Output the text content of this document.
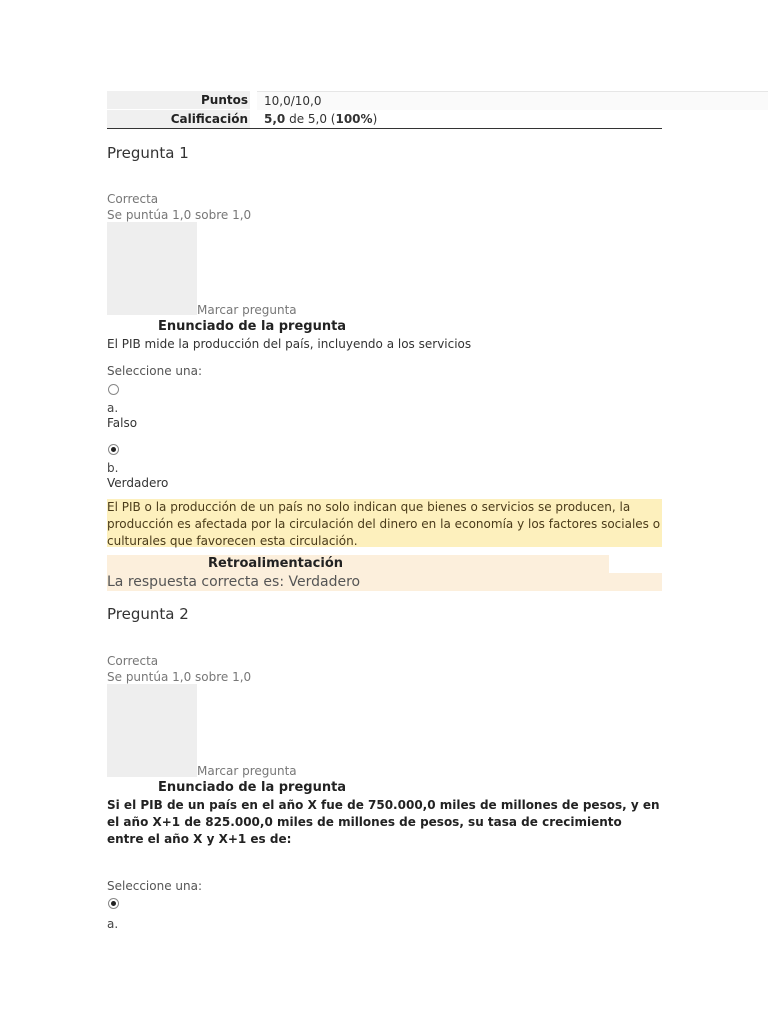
Puntos	10,0/10,0
Calificación	5,0 de 5,0 (100%)
Pregunta 1
Correcta
Se puntúa 1,0 sobre 1,0
Marcar pregunta
Enunciado de la pregunta
El PIB mide la producción del país, incluyendo a los servicios
Seleccione una:
a.
Falso
b.
Verdadero
El PIB o la producción de un país no solo indican que bienes o servicios se producen, la producción es afectada por la circulación del dinero en la economía y los factores sociales o culturales que favorecen esta circulación.
Retroalimentación
La respuesta correcta es: Verdadero
Pregunta 2
Correcta
Se puntúa 1,0 sobre 1,0
Marcar pregunta
Enunciado de la pregunta
Si el PIB de un país en el año X fue de 750.000,0 miles de millones de pesos, y en el año X+1 de 825.000,0 miles de millones de pesos, su tasa de crecimiento entre el año X y X+1 es de:
Seleccione una:
a.
